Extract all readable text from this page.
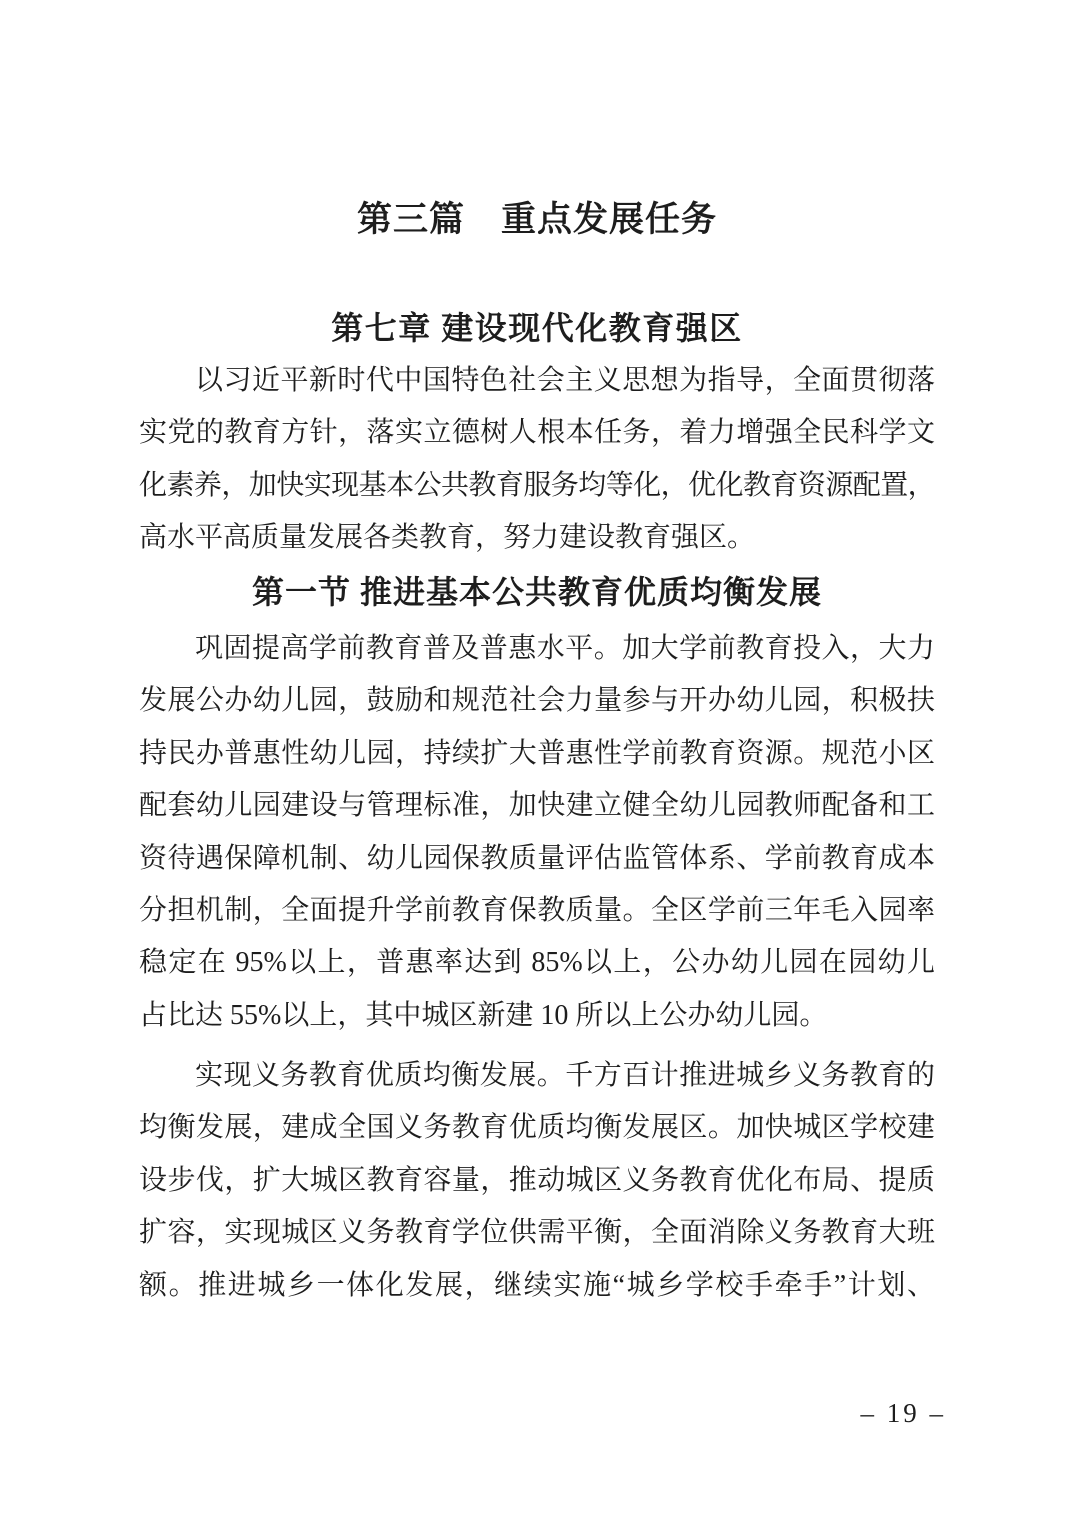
第三篇　重点发展任务
第七章 建设现代化教育强区
以习近平新时代中国特色社会主义思想为指导，全面贯彻落
实党的教育方针，落实立德树人根本任务，着力增强全民科学文
化素养，加快实现基本公共教育服务均等化，优化教育资源配置，
高水平高质量发展各类教育，努力建设教育强区。
第一节 推进基本公共教育优质均衡发展
巩固提高学前教育普及普惠水平。加大学前教育投入，大力
发展公办幼儿园，鼓励和规范社会力量参与开办幼儿园，积极扶
持民办普惠性幼儿园，持续扩大普惠性学前教育资源。规范小区
配套幼儿园建设与管理标准，加快建立健全幼儿园教师配备和工
资待遇保障机制、幼儿园保教质量评估监管体系、学前教育成本
分担机制，全面提升学前教育保教质量。全区学前三年毛入园率
稳定在 95%以上，普惠率达到 85%以上，公办幼儿园在园幼儿
占比达 55%以上，其中城区新建 10 所以上公办幼儿园。
实现义务教育优质均衡发展。千方百计推进城乡义务教育的
均衡发展，建成全国义务教育优质均衡发展区。加快城区学校建
设步伐，扩大城区教育容量，推动城区义务教育优化布局、提质
扩容，实现城区义务教育学位供需平衡，全面消除义务教育大班
额。推进城乡一体化发展，继续实施“城乡学校手牵手”计划、
– 19 –
